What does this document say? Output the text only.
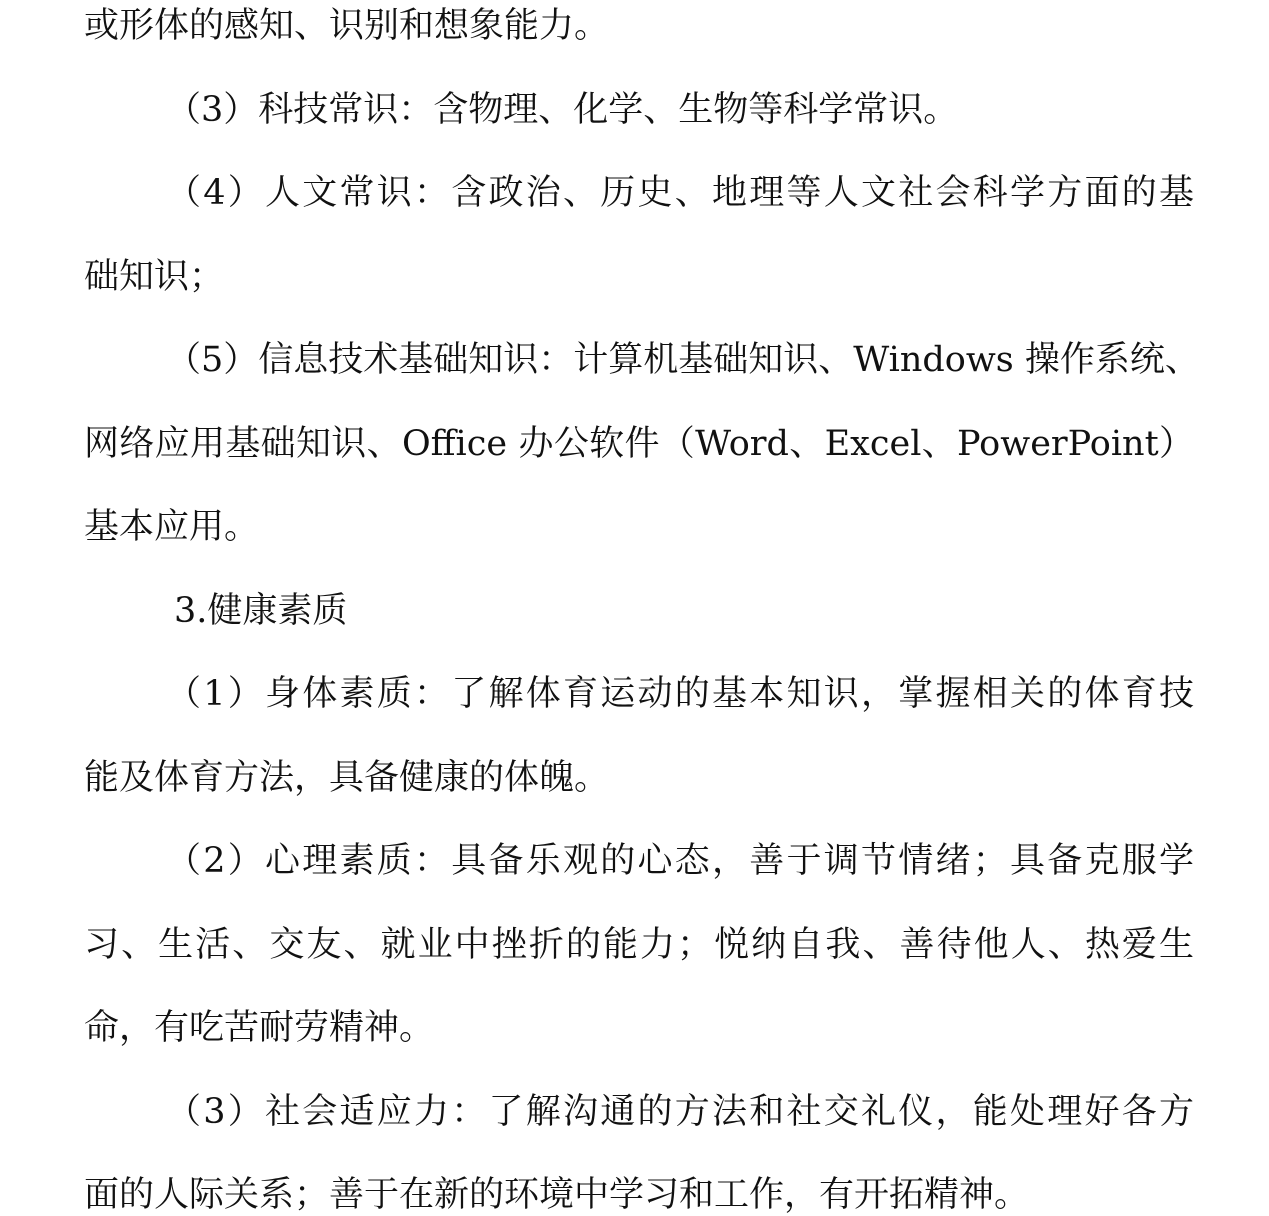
或形体的感知、识别和想象能力。
（3）科技常识：含物理、化学、生物等科学常识。
（4）人文常识：含政治、历史、地理等人文社会科学方面的基
础知识；
（5）信息技术基础知识：计算机基础知识、Windows 操作系统、
网络应用基础知识、Office 办公软件（Word、Excel、PowerPoint）
基本应用。
3.健康素质
（1）身体素质：了解体育运动的基本知识，掌握相关的体育技
能及体育方法，具备健康的体魄。
（2）心理素质：具备乐观的心态，善于调节情绪；具备克服学
习、生活、交友、就业中挫折的能力；悦纳自我、善待他人、热爱生
命，有吃苦耐劳精神。
（3）社会适应力：了解沟通的方法和社交礼仪，能处理好各方
面的人际关系；善于在新的环境中学习和工作，有开拓精神。
